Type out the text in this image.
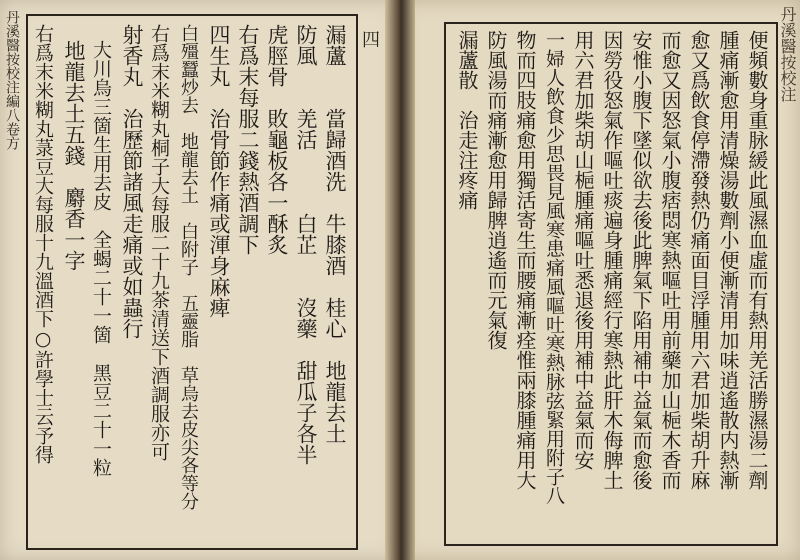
丹溪醫按校注編八卷方	四	丹溪醫按校注
漏蘆　　當歸酒洗　牛膝酒　桂心　地龍去土
防風　　羌活　　　白芷　　沒藥　甜瓜子各半
虎脛骨　敗龜板各一酥炙
右爲末每服二錢熱酒調下
四生丸　治骨節作痛或渾身麻痺
白殭蠶炒去　地龍去土　白附子　五靈脂　草烏去皮尖各等分
右爲末米糊丸桐子大每服二十九茶清送下酒調服亦可
射香丸　治歷節諸風走痛或如蟲行
大川烏三箇生用去皮　全蝎二十一箇　黑豆二十一粒
地龍去土五錢　麝香一字
右爲末米糊丸菉豆大每服十九溫酒下○許學士云予得	便頻數身重脉緩此風濕血虛而有熱用羌活勝濕湯二劑
腫痛漸愈用清燥湯數劑小便漸清用加味逍遙散内熱漸
愈又爲飲食停滯發熱仍痛面目浮腫用六君加柴胡升麻
而愈又因怒氣小腹痞悶寒熱嘔吐用前藥加山梔木香而
安惟小腹下墜似欲去後此脾氣下陷用補中益氣而愈後
因勞役怒氣作嘔吐痰遍身腫痛經行寒熱此肝木侮脾土
用六君加柴胡山梔腫痛嘔吐悉退後用補中益氣而安
一婦人飲食少思畏見風寒患痛風嘔吐寒熱脉弦緊用附子八
物而四肢痛愈用獨活寄生而腰痛漸痊惟兩膝腫痛用大
防風湯而痛漸愈用歸脾逍遙而元氣復
漏蘆散　治走注疼痛
